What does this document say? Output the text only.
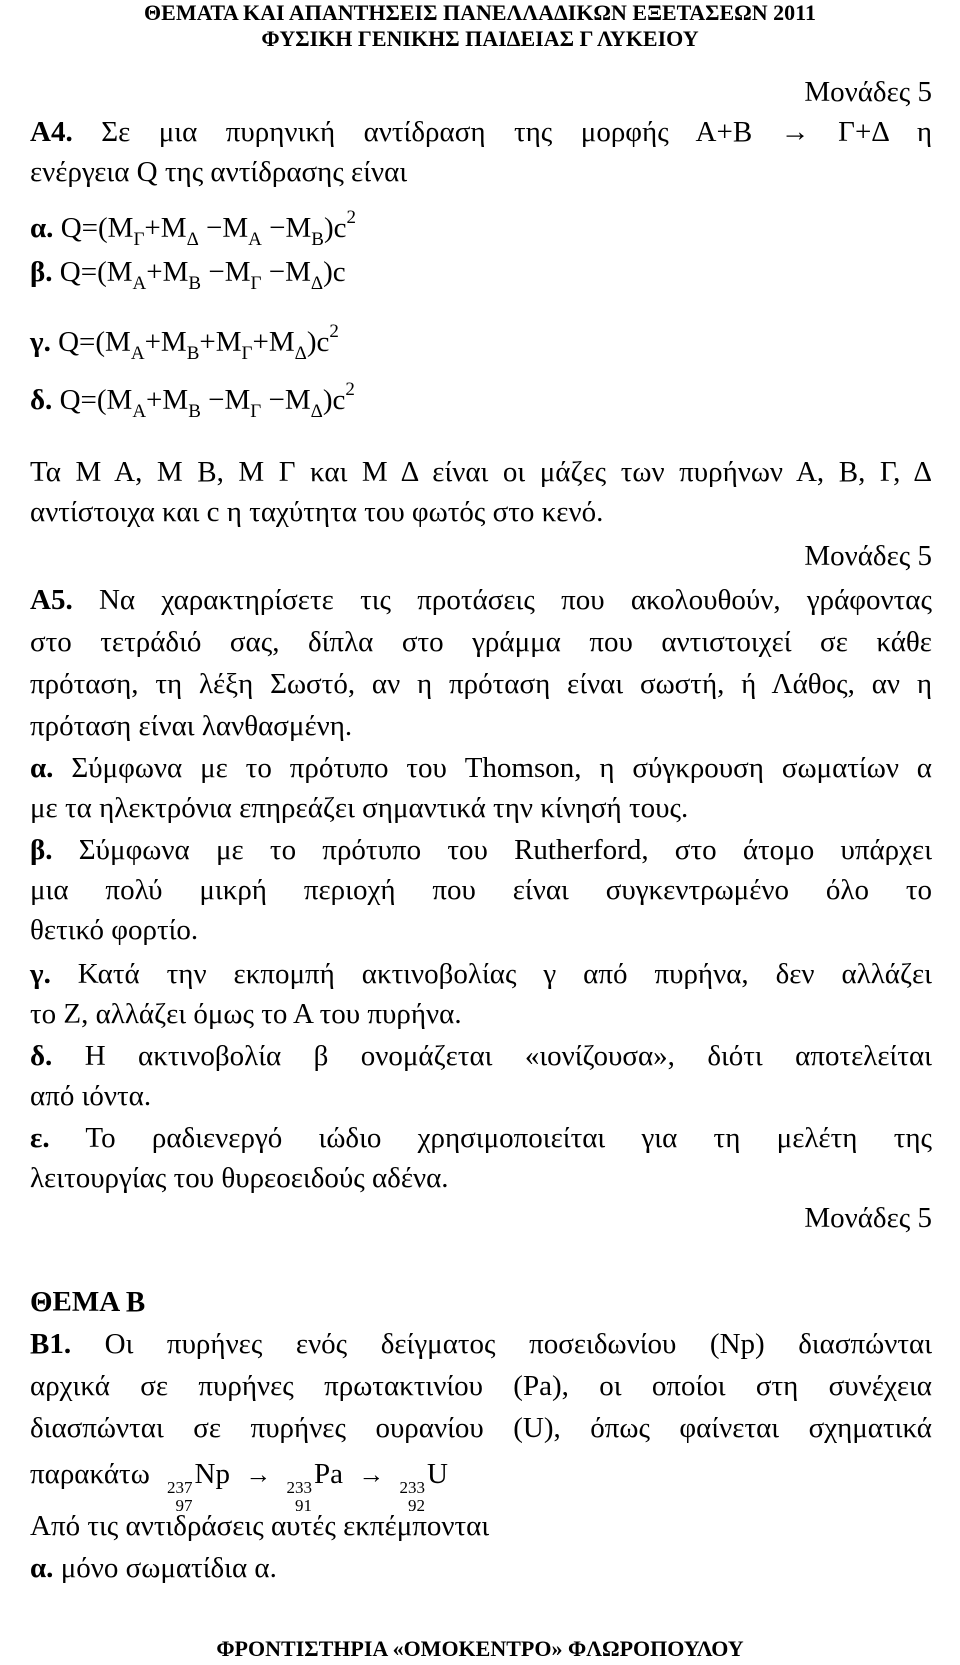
ΘΕΜΑΤΑ ΚΑΙ ΑΠΑΝΤΗΣΕΙΣ ΠΑΝΕΛΛΑΔΙΚΩΝ ΕΞΕΤΑΣΕΩΝ 2011
ΦΥΣΙΚΗ ΓΕΝΙΚΗΣ ΠΑΙΔΕΙΑΣ Γ ΛΥΚΕΙΟΥ
Μονάδες 5
Α4. Σε μια πυρηνική αντίδραση της μορφής Α+Β → Γ+Δ η
ενέργεια Q της αντίδρασης είναι
α. $Q=(M_\Gamma+M_\Delta -M_A -M_B)c^2$
β. $Q=(M_A+M_B -M_\Gamma -M_\Delta)c$
γ. $Q=(M_A+M_B+M_\Gamma+M_\Delta)c^2$
δ. $Q=(M_A+M_B -M_\Gamma -M_\Delta)c^2$
Τα Μ Α, Μ Β, Μ Γ και Μ Δ είναι οι μάζες των πυρήνων Α, Β, Γ, Δ
αντίστοιχα και c η ταχύτητα του φωτός στο κενό.
Μονάδες 5
Α5. Να χαρακτηρίσετε τις προτάσεις που ακολουθούν, γράφοντας
στο τετράδιό σας, δίπλα στο γράμμα που αντιστοιχεί σε κάθε
πρόταση, τη λέξη Σωστό, αν η πρόταση είναι σωστή, ή Λάθος, αν η
πρόταση είναι λανθασμένη.
α. Σύμφωνα με το πρότυπο του Thomson, η σύγκρουση σωματίων α
με τα ηλεκτρόνια επηρεάζει σημαντικά την κίνησή τους.
β. Σύμφωνα με το πρότυπο του Rutherford, στο άτομο υπάρχει
μια πολύ μικρή περιοχή που είναι συγκεντρωμένο όλο το
θετικό φορτίο.
γ. Κατά την εκπομπή ακτινοβολίας γ από πυρήνα, δεν αλλάζει
το Ζ, αλλάζει όμως το Α του πυρήνα.
δ. Η ακτινοβολία β ονομάζεται «ιονίζουσα», διότι αποτελείται
από ιόντα.
ε. Το ραδιενεργό ιώδιο χρησιμοποιείται για τη μελέτη της
λειτουργίας του θυρεοειδούς αδένα.
Μονάδες 5
ΘΕΜΑ Β
Β1. Οι πυρήνες ενός δείγματος ποσειδωνίου (Np) διασπώνται
αρχικά σε πυρήνες πρωτακτινίου (Pa), οι οποίοι στη συνέχεια
διασπώνται σε πυρήνες ουρανίου (U), όπως φαίνεται σχηματικά
παρακάτω 237
97
Np → 233
91
Pa → 233
92
U
Από τις αντιδράσεις αυτές εκπέμπονται
α. μόνο σωματίδια α.
ΦΡΟΝΤΙΣΤΗΡΙΑ «ΟΜΟΚΕΝΤΡΟ» ΦΛΩΡΟΠΟΥΛΟΥ
